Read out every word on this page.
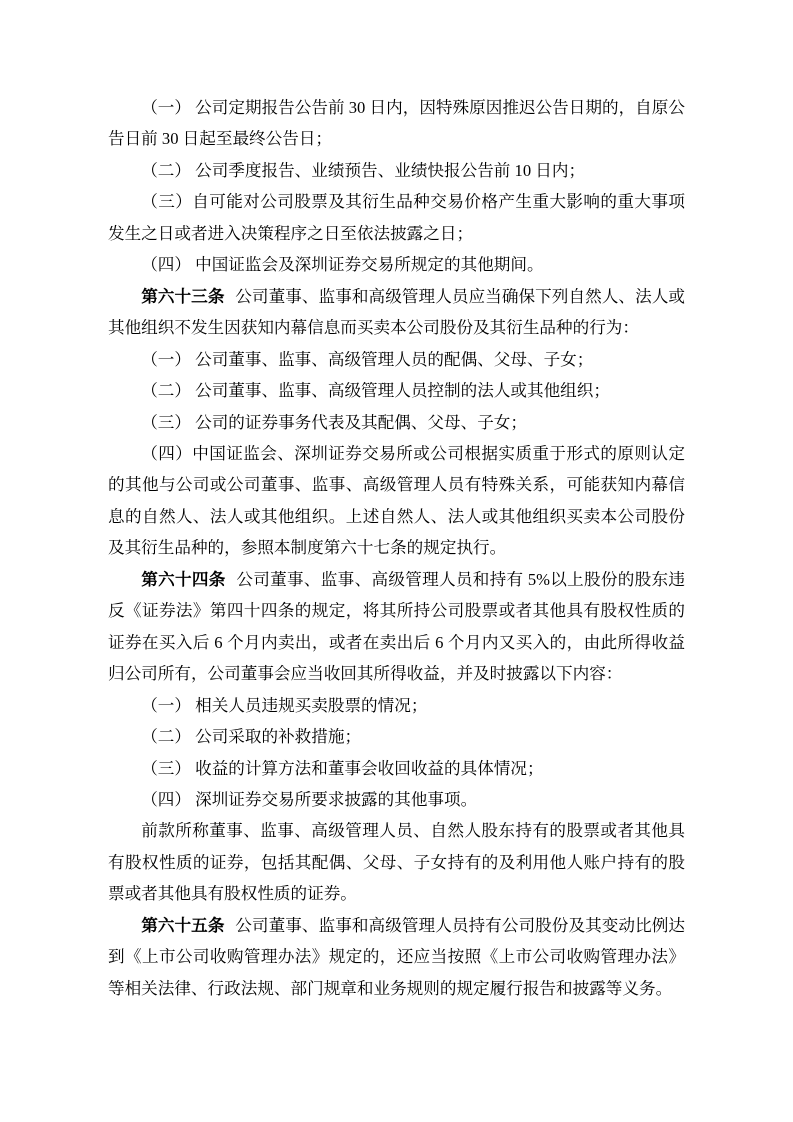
（一） 公司定期报告公告前 30 日内，因特殊原因推迟公告日期的，自原公告日前 30 日起至最终公告日；

（二） 公司季度报告、业绩预告、业绩快报公告前 10 日内；

（三）自可能对公司股票及其衍生品种交易价格产生重大影响的重大事项发生之日或者进入决策程序之日至依法披露之日；

（四） 中国证监会及深圳证券交易所规定的其他期间。

第六十三条 公司董事、监事和高级管理人员应当确保下列自然人、法人或其他组织不发生因获知内幕信息而买卖本公司股份及其衍生品种的行为：

（一） 公司董事、监事、高级管理人员的配偶、父母、子女；

（二） 公司董事、监事、高级管理人员控制的法人或其他组织；

（三） 公司的证券事务代表及其配偶、父母、子女；

（四）中国证监会、深圳证券交易所或公司根据实质重于形式的原则认定的其他与公司或公司董事、监事、高级管理人员有特殊关系，可能获知内幕信息的自然人、法人或其他组织。上述自然人、法人或其他组织买卖本公司股份及其衍生品种的，参照本制度第六十七条的规定执行。

第六十四条 公司董事、监事、高级管理人员和持有 5%以上股份的股东违反《证券法》第四十四条的规定，将其所持公司股票或者其他具有股权性质的证券在买入后 6 个月内卖出，或者在卖出后 6 个月内又买入的，由此所得收益归公司所有，公司董事会应当收回其所得收益，并及时披露以下内容：

（一） 相关人员违规买卖股票的情况；

（二） 公司采取的补救措施；

（三） 收益的计算方法和董事会收回收益的具体情况；

（四） 深圳证券交易所要求披露的其他事项。

前款所称董事、监事、高级管理人员、自然人股东持有的股票或者其他具有股权性质的证券，包括其配偶、父母、子女持有的及利用他人账户持有的股票或者其他具有股权性质的证券。

第六十五条 公司董事、监事和高级管理人员持有公司股份及其变动比例达到《上市公司收购管理办法》规定的，还应当按照《上市公司收购管理办法》等相关法律、行政法规、部门规章和业务规则的规定履行报告和披露等义务。
